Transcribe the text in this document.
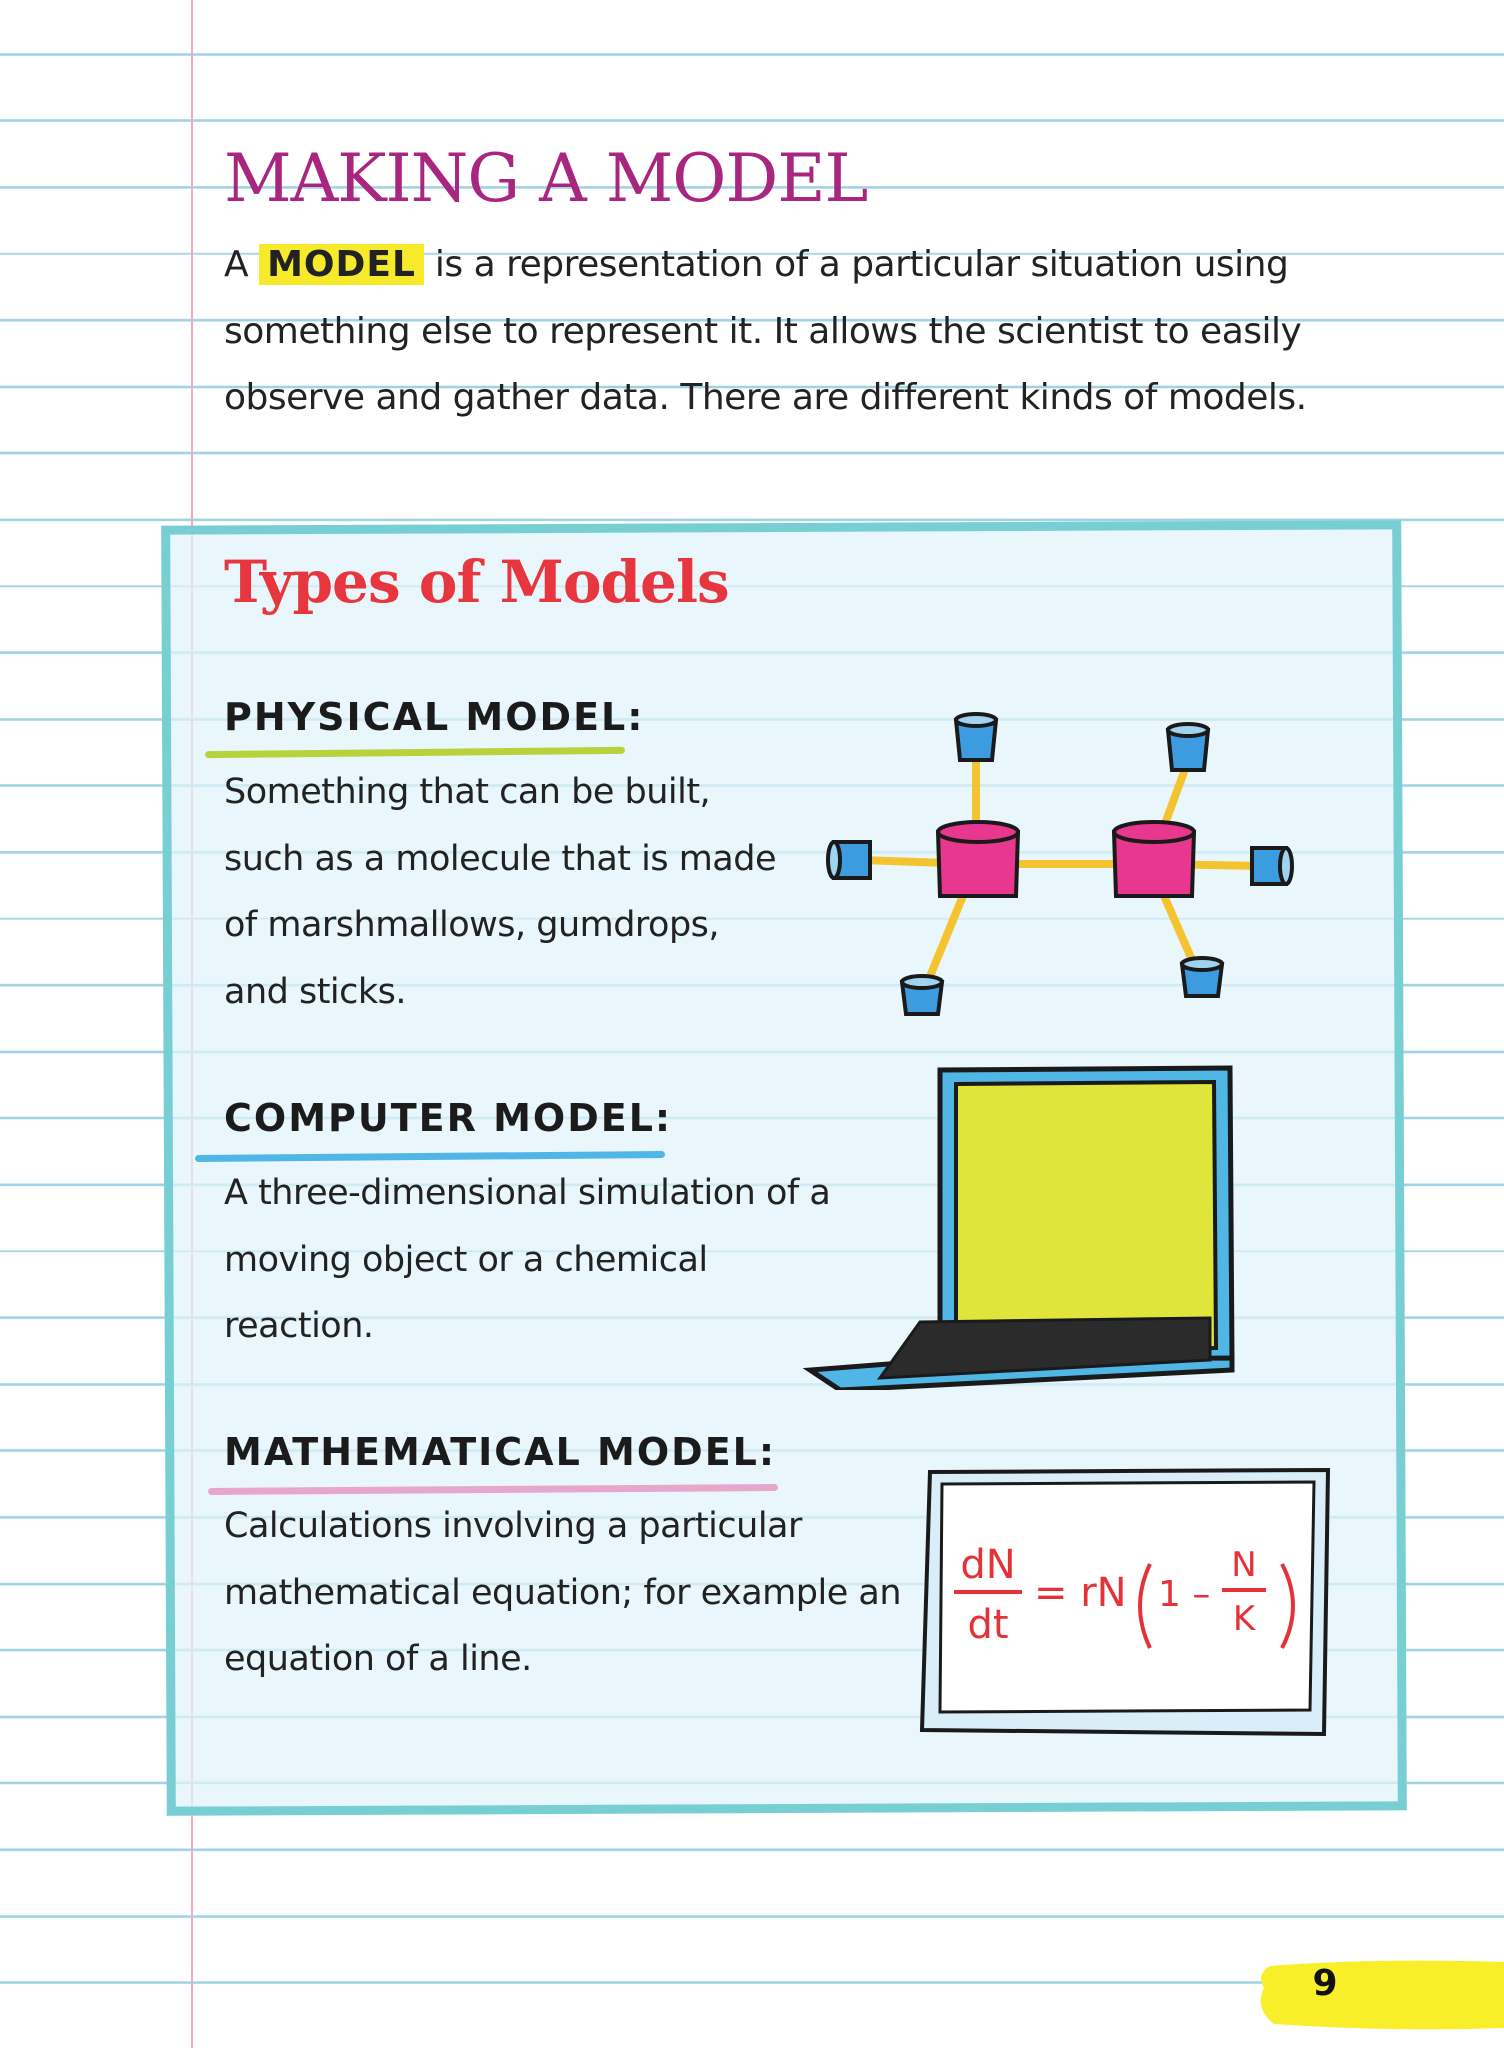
MAKING A MODEL

A MODEL is a representation of a particular situation using something else to represent it. It allows the scientist to easily observe and gather data. There are different kinds of models.

Types of Models
PHYSICAL MODEL:

Something that can be built, such as a molecule that is made of marshmallows, gumdrops, and sticks.

COMPUTER MODEL:

A three-dimensional simulation of a moving object or a chemical reaction.

MATHEMATICAL MODEL:

Calculations involving a particular mathematical equation; for example an equation of a line.

dN
dt
= rN 1 –
N
K

9
